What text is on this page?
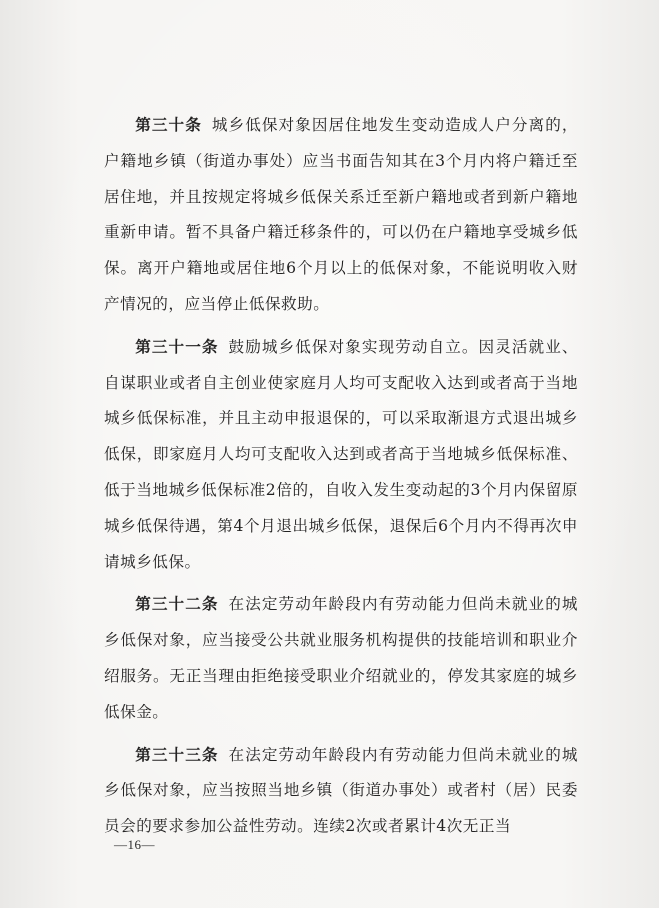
第三十条 城乡低保对象因居住地发生变动造成人户分离的，户籍地乡镇（街道办事处）应当书面告知其在3个月内将户籍迁至居住地，并且按规定将城乡低保关系迁至新户籍地或者到新户籍地重新申请。暂不具备户籍迁移条件的，可以仍在户籍地享受城乡低保。离开户籍地或居住地6个月以上的低保对象，不能说明收入财产情况的，应当停止低保救助。

第三十一条 鼓励城乡低保对象实现劳动自立。因灵活就业、自谋职业或者自主创业使家庭月人均可支配收入达到或者高于当地城乡低保标准，并且主动申报退保的，可以采取渐退方式退出城乡低保，即家庭月人均可支配收入达到或者高于当地城乡低保标准、低于当地城乡低保标准2倍的，自收入发生变动起的3个月内保留原城乡低保待遇，第4个月退出城乡低保，退保后6个月内不得再次申请城乡低保。

第三十二条 在法定劳动年龄段内有劳动能力但尚未就业的城乡低保对象，应当接受公共就业服务机构提供的技能培训和职业介绍服务。无正当理由拒绝接受职业介绍就业的，停发其家庭的城乡低保金。

第三十三条 在法定劳动年龄段内有劳动能力但尚未就业的城乡低保对象，应当按照当地乡镇（街道办事处）或者村（居）民委员会的要求参加公益性劳动。连续2次或者累计4次无正当

—16—
